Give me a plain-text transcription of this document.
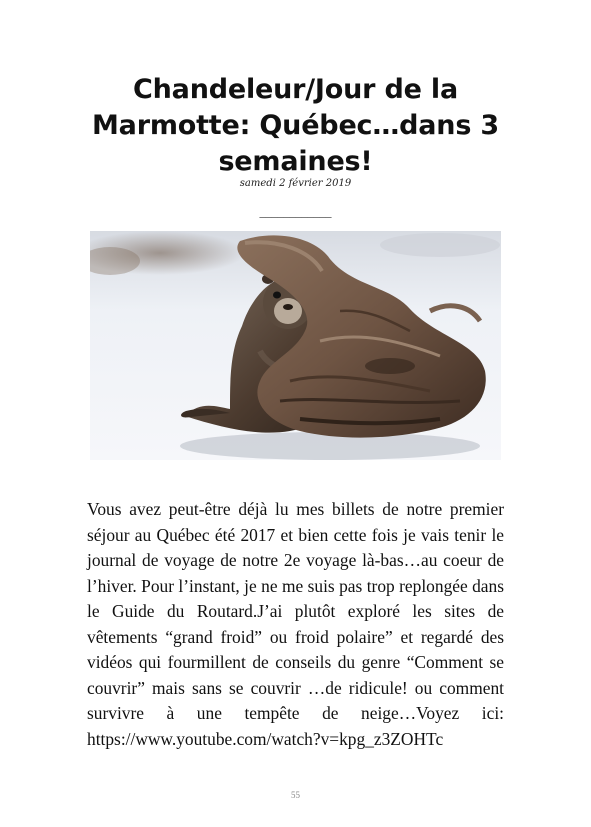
Chandeleur/Jour de la Marmotte: Québec…dans 3 semaines!
samedi 2 février 2019
____________

Vous avez peut-être déjà lu mes billets de notre premier séjour au Québec été 2017 et bien cette fois je vais tenir le journal de voyage de notre 2e voyage là-bas…au coeur de l’hiver. Pour l’instant, je ne me suis pas trop replongée dans le Guide du Routard.J’ai plutôt exploré les sites de vêtements “grand froid” ou froid polaire” et regardé des vidéos qui fourmillent de conseils du genre “Comment se couvrir” mais sans se couvrir …de ridicule! ou comment survivre à une tempête de neige…Voyez ici: https://www.youtube.com/watch?v=kpg_z3ZOHTc

55
